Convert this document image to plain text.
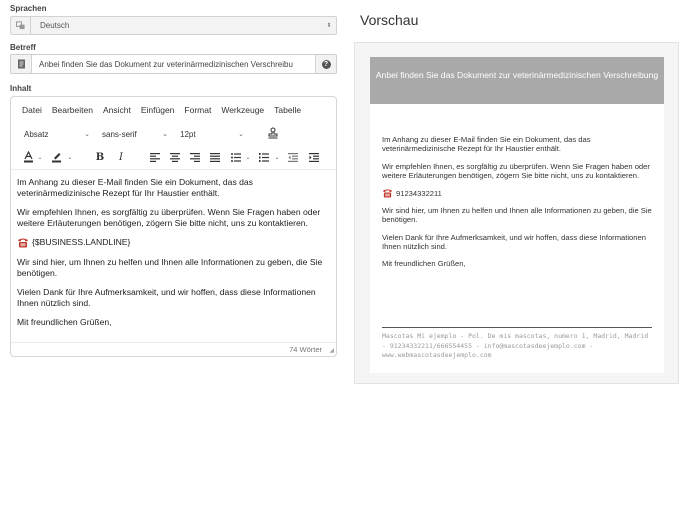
Sprachen
Deutsch	⬍
Betreff
Anbei finden Sie das Dokument zur veterinärmedizinischen Verschreibu
?
Inhalt
Datei Bearbeiten Ansicht Einfügen Format Werkzeuge Tabelle
Absatz	⌄ sans-serif	⌄ 12pt	⌄
⌄	⌄ B	I	⌄	⌄

Im Anhang zu dieser E-Mail finden Sie ein Dokument, das das veterinärmedizinische Rezept für Ihr Haustier enthält.

Wir empfehlen Ihnen, es sorgfältig zu überprüfen. Wenn Sie Fragen haben oder weitere Erläuterungen benötigen, zögern Sie bitte nicht, uns zu kontaktieren.

{$BUSINESS.LANDLINE}

Wir sind hier, um Ihnen zu helfen und Ihnen alle Informationen zu geben, die Sie benötigen.

Vielen Dank für Ihre Aufmerksamkeit, und wir hoffen, dass diese Informationen Ihnen nützlich sind.

Mit freundlichen Grüßen,

74 Wörter	◢
Vorschau
Anbei finden Sie das Dokument zur veterinärmedizinischen Verschreibung

Im Anhang zu dieser E-Mail finden Sie ein Dokument, das das veterinärmedizinische Rezept für Ihr Haustier enthält.

Wir empfehlen Ihnen, es sorgfältig zu überprüfen. Wenn Sie Fragen haben oder weitere Erläuterungen benötigen, zögern Sie bitte nicht, uns zu kontaktieren.

91234332211

Wir sind hier, um Ihnen zu helfen und Ihnen alle Informationen zu geben, die Sie benötigen.

Vielen Dank für Ihre Aufmerksamkeit, und wir hoffen, dass diese Informationen Ihnen nützlich sind.

Mit freundlichen Grüßen,

Mascotas Mi ejemplo - Pol. De mis mascotas, numero 1, Madrid, Madrid - 91234332211/666554455 - info@mascotasdeejemplo.com - www.webmascotasdeejemplo.com
